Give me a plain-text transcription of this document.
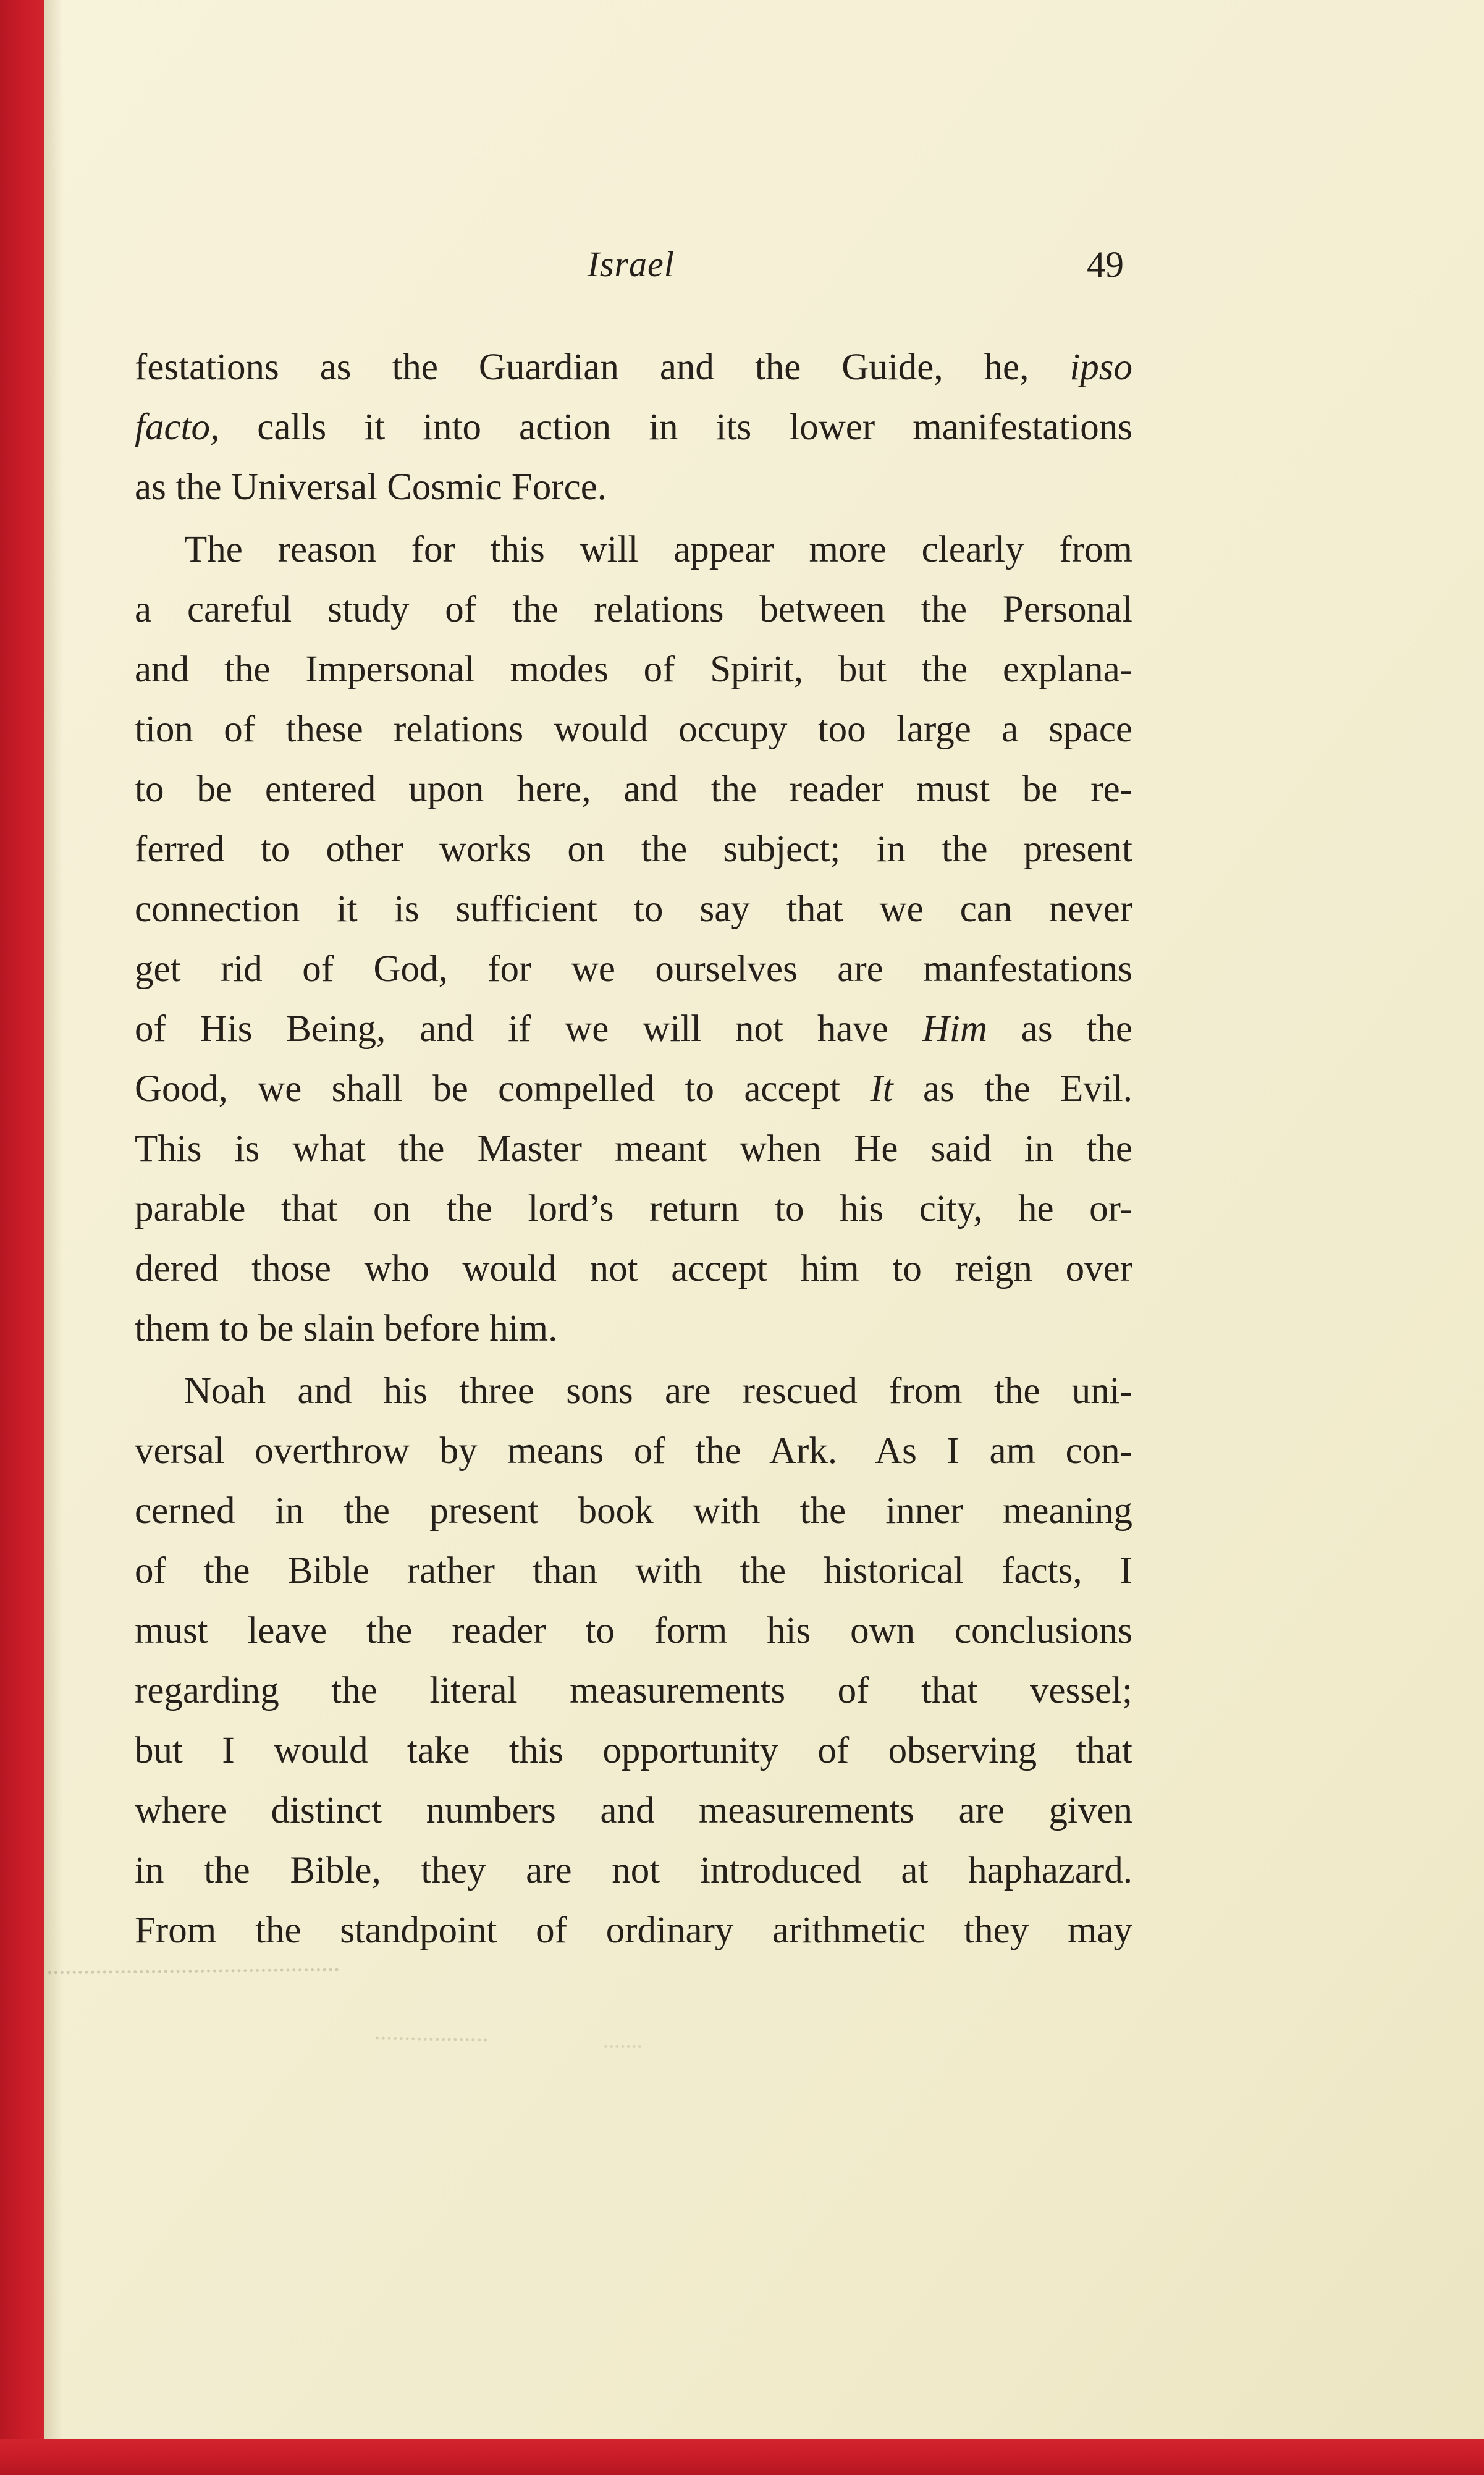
Israel	49
festations as the Guardian and the Guide, he, ipso
facto, calls it into action in its lower manifestations
as the Universal Cosmic Force.
The reason for this will appear more clearly from
a careful study of the relations between the Personal
and the Impersonal modes of Spirit, but the explana-
tion of these relations would occupy too large a space
to be entered upon here, and the reader must be re-
ferred to other works on the subject; in the present
connection it is sufficient to say that we can never
get rid of God, for we ourselves are manfestations
of His Being, and if we will not have Him as the
Good, we shall be compelled to accept It as the Evil.
This is what the Master meant when He said in the
parable that on the lord’s return to his city, he or-
dered those who would not accept him to reign over
them to be slain before him.
Noah and his three sons are rescued from the uni-
versal overthrow by means of the Ark. As I am con-
cerned in the present book with the inner meaning
of the Bible rather than with the historical facts, I
must leave the reader to form his own conclusions
regarding the literal measurements of that vessel;
but I would take this opportunity of observing that
where distinct numbers and measurements are given
in the Bible, they are not introduced at haphazard.
From the standpoint of ordinary arithmetic they may
